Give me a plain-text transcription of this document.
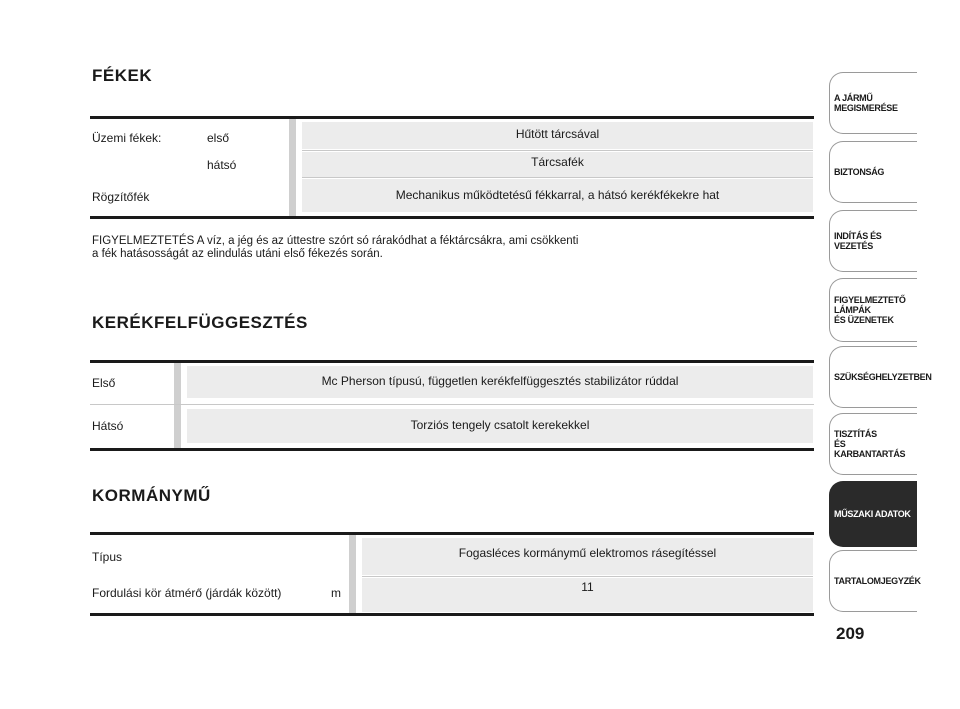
FÉKEK
Üzemi fékek:	első
hátsó
Rögzítőfék
Hűtött tárcsával
Tárcsafék
Mechanikus működtetésű fékkarral, a hátsó kerékfékekre hat
FIGYELMEZTETÉS A víz, a jég és az úttestre szórt só rárakódhat a féktárcsákra, ami csökkenti
a fék hatásosságát az elindulás utáni első fékezés során.
KERÉKFELFÜGGESZTÉS
Első
Hátsó
Mc Pherson típusú, független kerékfelfüggesztés stabilizátor rúddal
Torziós tengely csatolt kerekekkel
KORMÁNYMŰ
Típus
Fordulási kör átmérő (járdák között)	m
Fogasléces kormánymű elektromos rásegítéssel
11
A JÁRMŰ
MEGISMERÉSE
BIZTONSÁG
INDÍTÁS ÉS VEZETÉS
FIGYELMEZTETŐ
LÁMPÁK
ÉS ÜZENETEK
SZÜKSÉGHELYZETBEN
TISZTÍTÁS
ÉS KARBANTARTÁS
MŰSZAKI ADATOK
TARTALOMJEGYZÉK
209
